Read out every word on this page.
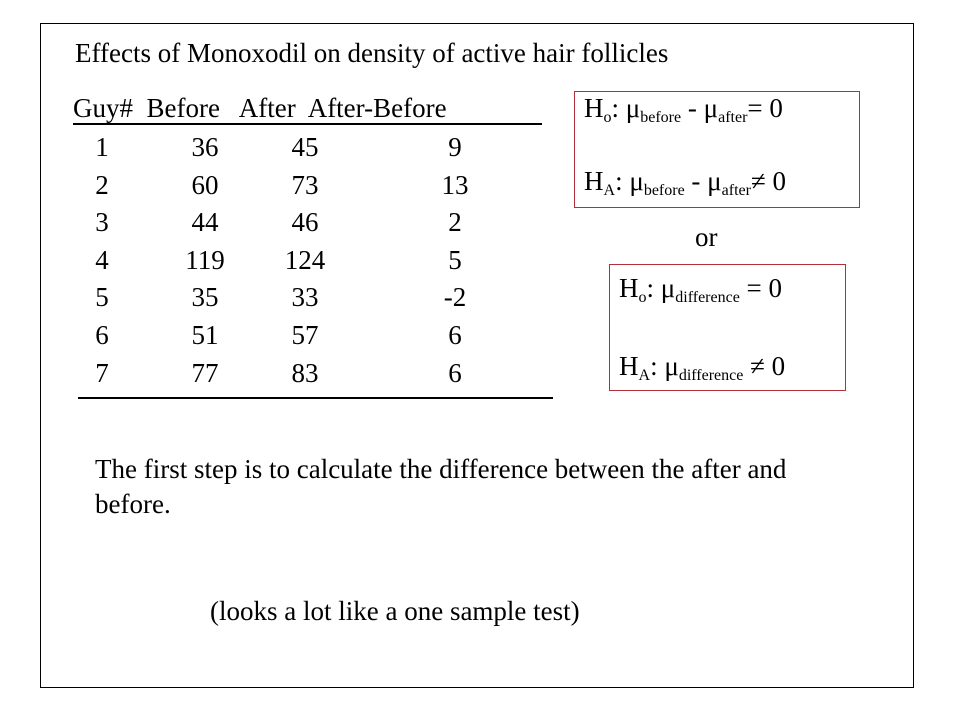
Effects of Monoxodil on density of active hair follicles
Guy#  Before   After  After-Before
1	36	45	9
2	60	73	13
3	44	46	2
4	119	124	5
5	35	33	-2
6	51	57	6
7	77	83	6
$H_o$: $\mu_{before} - \mu_{after}= 0$
$H_A$: $\mu_{before} - \mu_{after}\ne 0$
or
$H_o$: $\mu_{difference} = 0$
$H_A$: $\mu_{difference} \ne 0$
The first step is to calculate the difference between the after and before.
(looks a lot like a one sample test)
